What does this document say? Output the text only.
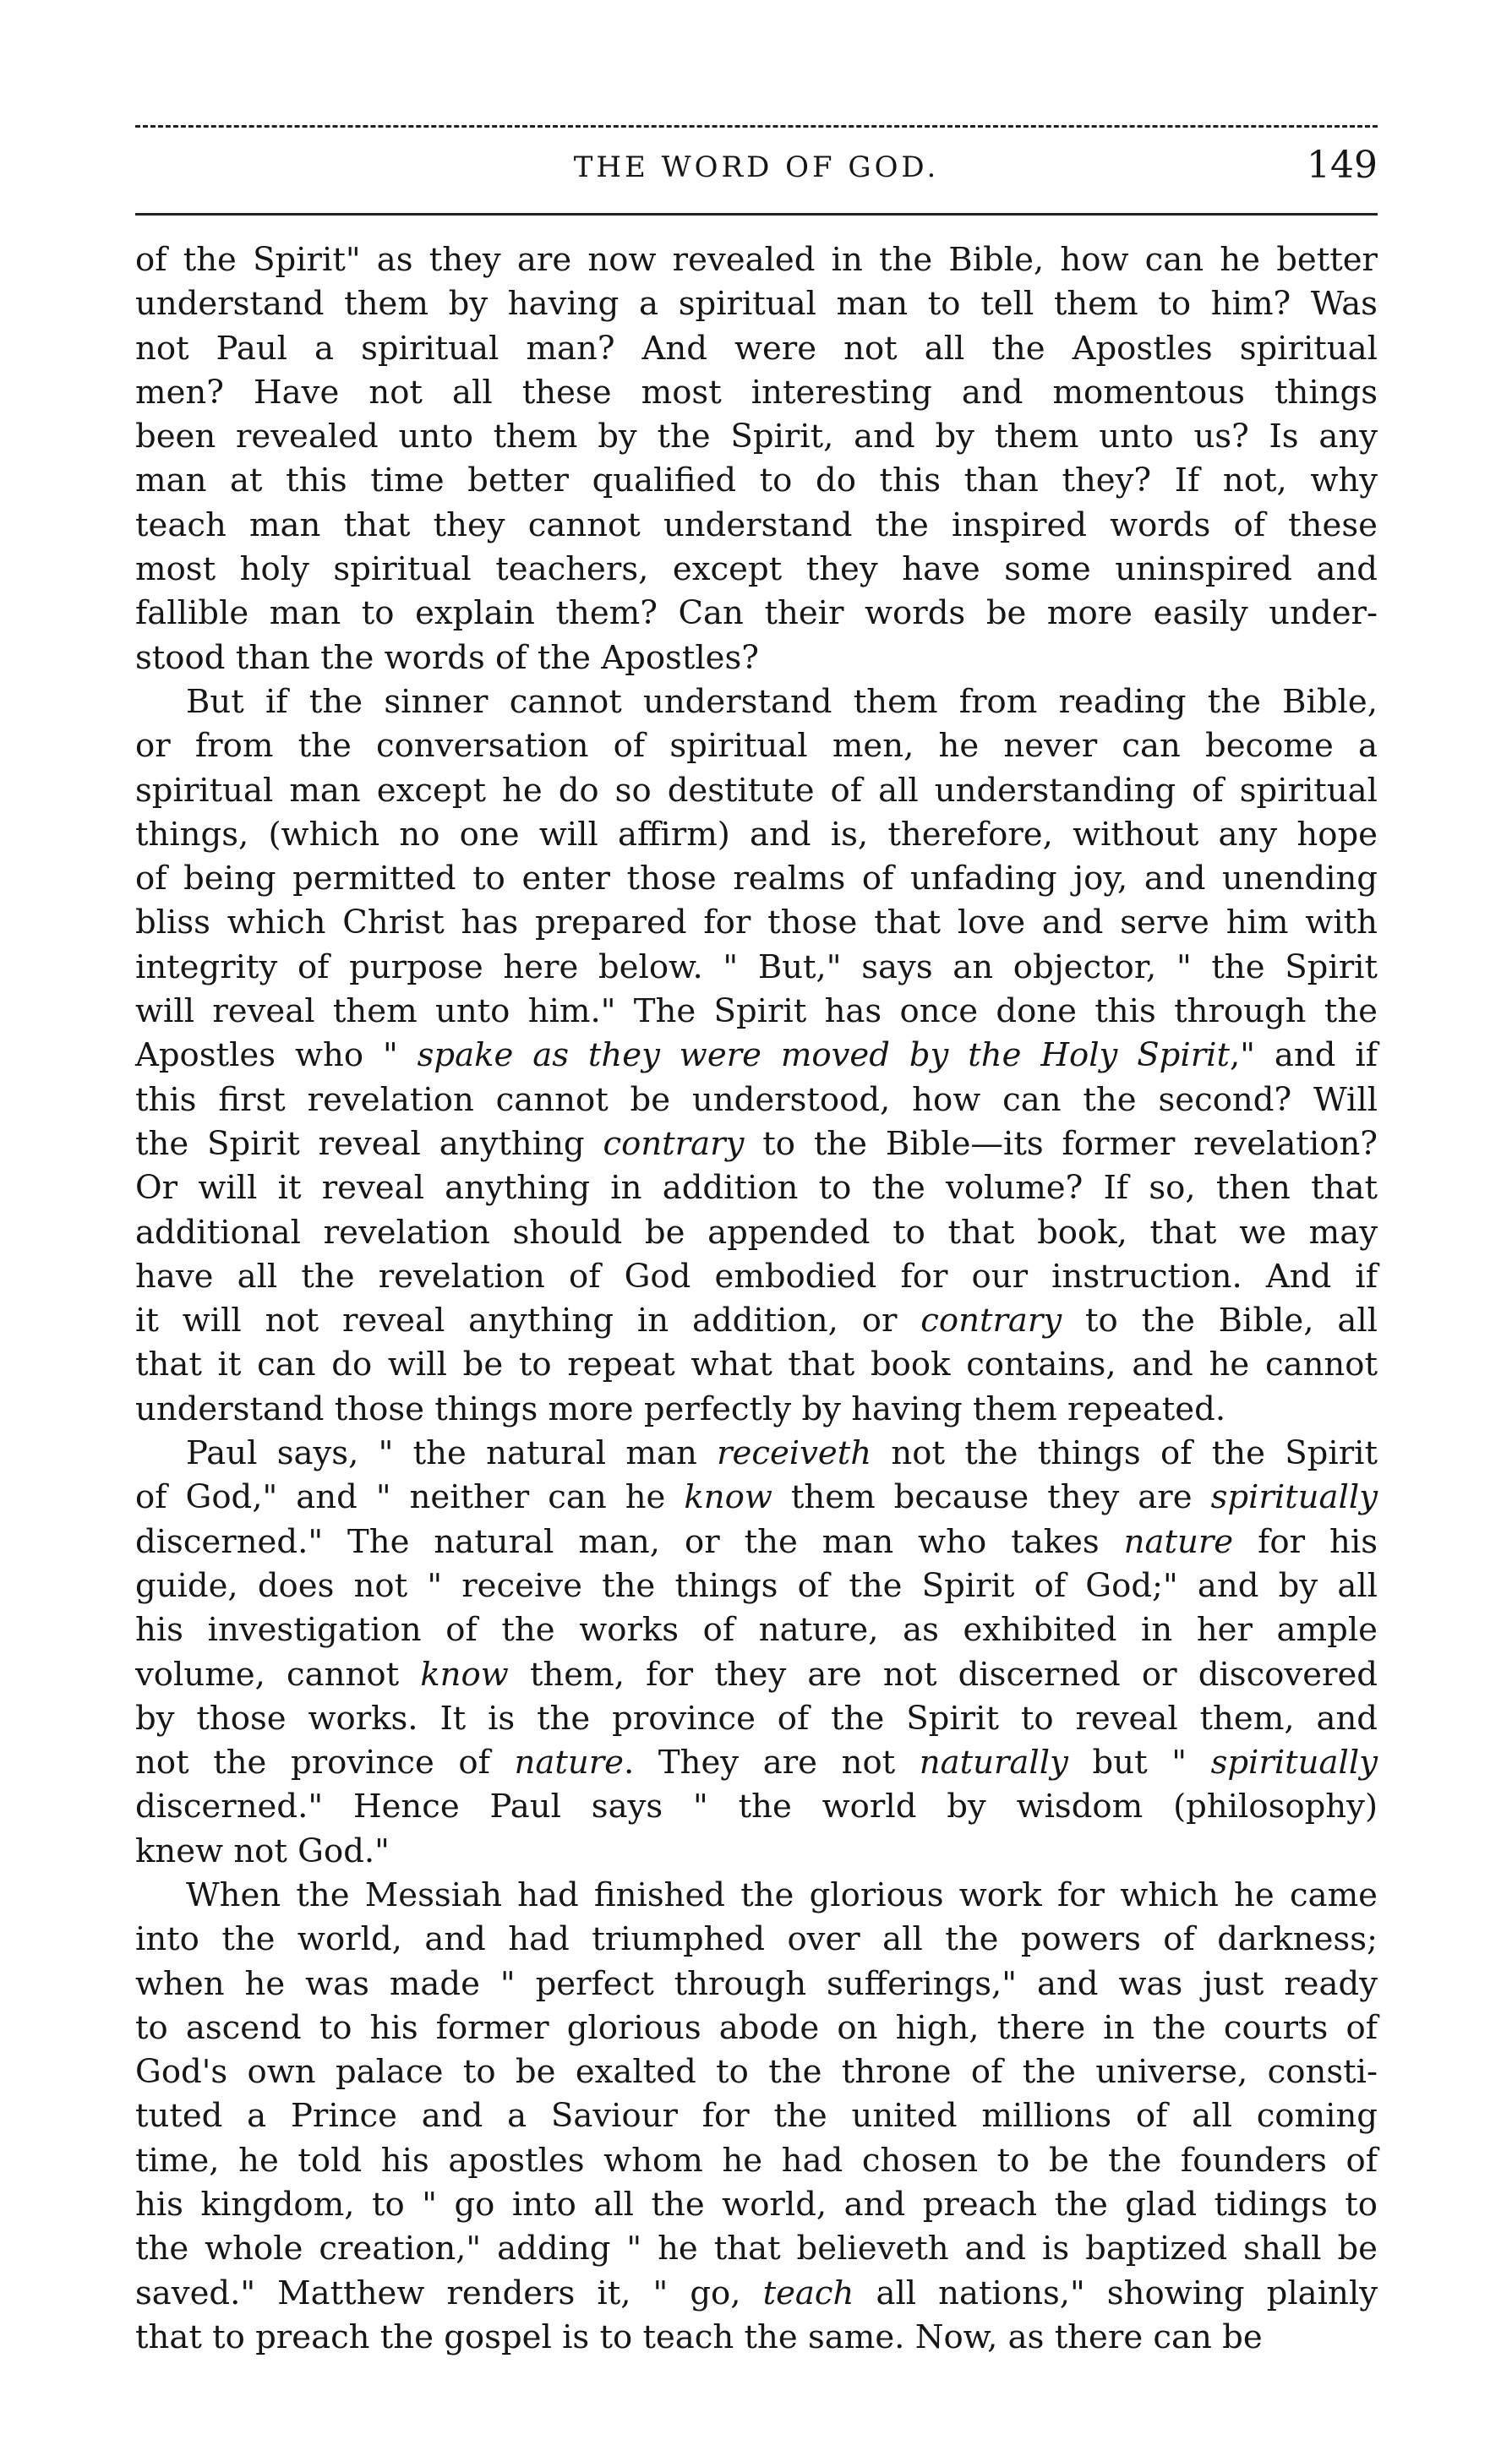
THE WORD OF GOD.	149
of the Spirit" as they are now revealed in the Bible, how can he better
understand them by having a spiritual man to tell them to him? Was
not Paul a spiritual man? And were not all the Apostles spiritual
men? Have not all these most interesting and momentous things
been revealed unto them by the Spirit, and by them unto us? Is any
man at this time better qualified to do this than they? If not, why
teach man that they cannot understand the inspired words of these
most holy spiritual teachers, except they have some uninspired and
fallible man to explain them? Can their words be more easily under-
stood than the words of the Apostles?
But if the sinner cannot understand them from reading the Bible,
or from the conversation of spiritual men, he never can become a
spiritual man except he do so destitute of all understanding of spiritual
things, (which no one will affirm) and is, therefore, without any hope
of being permitted to enter those realms of unfading joy, and unending
bliss which Christ has prepared for those that love and serve him with
integrity of purpose here below. " But," says an objector, " the Spirit
will reveal them unto him." The Spirit has once done this through the
Apostles who " spake as they were moved by the Holy Spirit," and if
this first revelation cannot be understood, how can the second? Will
the Spirit reveal anything contrary to the Bible—its former revelation?
Or will it reveal anything in addition to the volume? If so, then that
additional revelation should be appended to that book, that we may
have all the revelation of God embodied for our instruction. And if
it will not reveal anything in addition, or contrary to the Bible, all
that it can do will be to repeat what that book contains, and he cannot
understand those things more perfectly by having them repeated.
Paul says, " the natural man receiveth not the things of the Spirit
of God," and " neither can he know them because they are spiritually
discerned." The natural man, or the man who takes nature for his
guide, does not " receive the things of the Spirit of God;" and by all
his investigation of the works of nature, as exhibited in her ample
volume, cannot know them, for they are not discerned or discovered
by those works. It is the province of the Spirit to reveal them, and
not the province of nature. They are not naturally but " spiritually
discerned." Hence Paul says " the world by wisdom (philosophy)
knew not God."
When the Messiah had finished the glorious work for which he came
into the world, and had triumphed over all the powers of darkness;
when he was made " perfect through sufferings," and was just ready
to ascend to his former glorious abode on high, there in the courts of
God's own palace to be exalted to the throne of the universe, consti-
tuted a Prince and a Saviour for the united millions of all coming
time, he told his apostles whom he had chosen to be the founders of
his kingdom, to " go into all the world, and preach the glad tidings to
the whole creation," adding " he that believeth and is baptized shall be
saved." Matthew renders it, " go, teach all nations," showing plainly
that to preach the gospel is to teach the same. Now, as there can be
